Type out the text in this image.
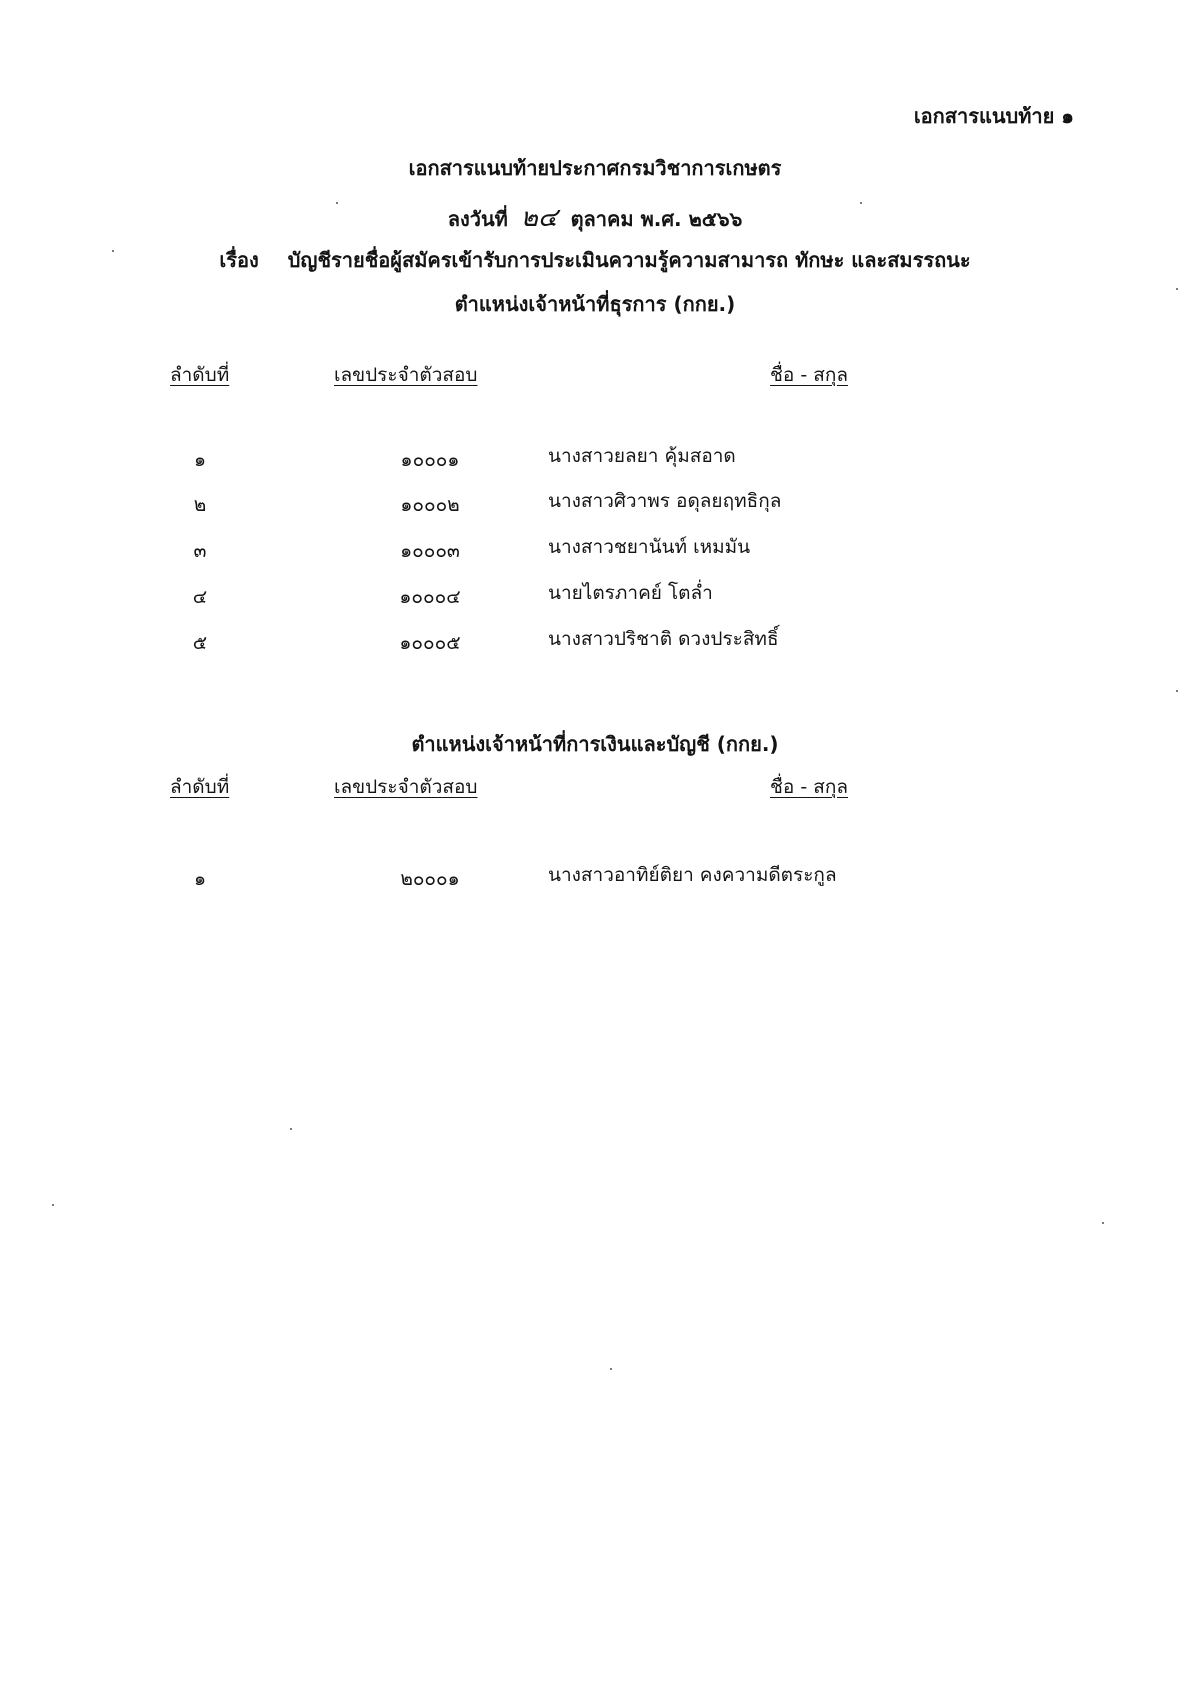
เอกสารแนบท้าย ๑
เอกสารแนบท้ายประกาศกรมวิชาการเกษตร
ลงวันที่ ๒๔ ตุลาคม พ.ศ. ๒๕๖๖
เรื่อง บัญชีรายชื่อผู้สมัครเข้ารับการประเมินความรู้ความสามารถ ทักษะ และสมรรถนะ
ตำแหน่งเจ้าหน้าที่ธุรการ (กกย.)
ลำดับที่	เลขประจำตัวสอบ	ชื่อ - สกุล
๑	๑๐๐๐๑	นางสาวยลยา คุ้มสอาด
๒	๑๐๐๐๒	นางสาวศิวาพร อดุลยฤทธิกุล
๓	๑๐๐๐๓	นางสาวชยานันท์ เหมมัน
๔	๑๐๐๐๔	นายไตรภาคย์ โตล่ำ
๕	๑๐๐๐๕	นางสาวปริชาติ ดวงประสิทธิ์
ตำแหน่งเจ้าหน้าที่การเงินและบัญชี (กกย.)
ลำดับที่	เลขประจำตัวสอบ	ชื่อ - สกุล
๑	๒๐๐๐๑	นางสาวอาทิย์ติยา คงความดีตระกูล
